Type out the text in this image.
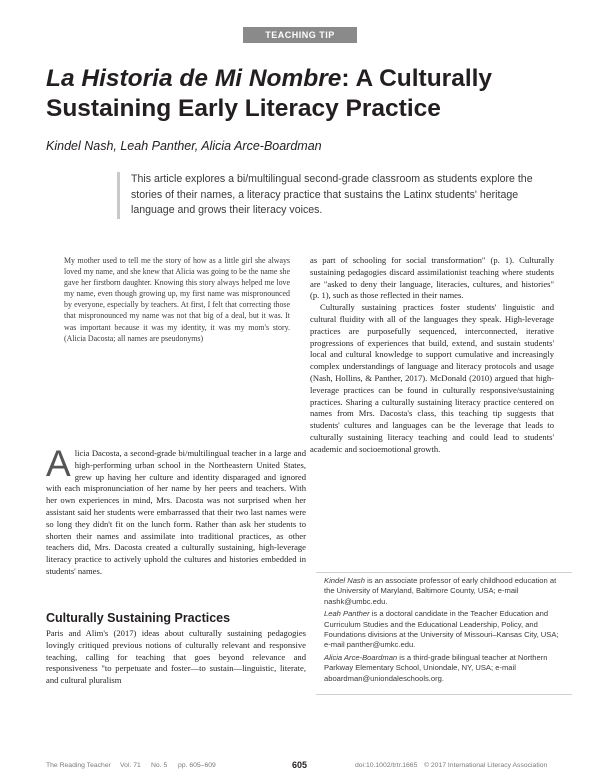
TEACHING TIP
La Historia de Mi Nombre: A Culturally Sustaining Early Literacy Practice
Kindel Nash, Leah Panther, Alicia Arce-Boardman
This article explores a bi/multilingual second-grade classroom as students explore the stories of their names, a literacy practice that sustains the Latinx students' heritage language and grows their literacy voices.

My mother used to tell me the story of how as a little girl she always loved my name, and she knew that Alicia was going to be the name she gave her firstborn daughter. Knowing this story always helped me love my name, even though growing up, my first name was mispronounced by everyone, especially by teachers. At first, I felt that correcting those that mispronounced my name was not that big of a deal, but it was. It was important because it was my identity, it was my mom's story. (Alicia Dacosta; all names are pseudonyms)

Alicia Dacosta, a second-grade bi/multilingual teacher in a large and high-performing urban school in the Northeastern United States, grew up having her culture and identity disparaged and ignored with each mispronunciation of her name by her peers and teachers. With her own experiences in mind, Mrs. Dacosta was not surprised when her assistant said her students were embarrassed that their two last names were so long they didn't fit on the lunch form. Rather than ask her students to shorten their names and assimilate into traditional practices, as other teachers did, Mrs. Dacosta created a culturally sustaining, high-leverage literacy practice to actively uphold the cultures and histories embedded in students' names.

Culturally Sustaining Practices

Paris and Alim's (2017) ideas about culturally sustaining pedagogies lovingly critiqued previous notions of culturally relevant and responsive teaching, calling for teaching that goes beyond relevance and responsiveness "to perpetuate and foster—to sustain—linguistic, literate, and cultural pluralism

as part of schooling for social transformation" (p. 1). Culturally sustaining pedagogies discard assimilationist teaching where students are "asked to deny their language, literacies, cultures, and histories" (p. 1), such as those reflected in their names.

Culturally sustaining practices foster students' linguistic and cultural fluidity with all of the languages they speak. High-leverage practices are purposefully sequenced, interconnected, iterative progressions of experiences that build, extend, and sustain students' local and cultural knowledge to support cumulative and increasingly complex understandings of language and literacy protocols and usage (Nash, Hollins, & Panther, 2017). McDonald (2010) argued that high-leverage practices can be found in culturally responsive/sustaining practices. Sharing a culturally sustaining literacy practice centered on names from Mrs. Dacosta's class, this teaching tip suggests that students' cultures and languages can be the leverage that leads to culturally sustaining literacy teaching and could lead to students' academic and socioemotional growth.

Kindel Nash is an associate professor of early childhood education at the University of Maryland, Baltimore County, USA; e-mail nashk@umbc.edu.

Leah Panther is a doctoral candidate in the Teacher Education and Curriculum Studies and the Educational Leadership, Policy, and Foundations divisions at the University of Missouri–Kansas City, USA; e-mail panther@umkc.edu.

Alicia Arce-Boardman is a third-grade bilingual teacher at Northern Parkway Elementary School, Uniondale, NY, USA; e-mail aboardman@uniondaleschools.org.

The Reading Teacher Vol. 71 No. 5 pp. 605–609	605	doi:10.1002/trtr.1665 © 2017 International Literacy Association
